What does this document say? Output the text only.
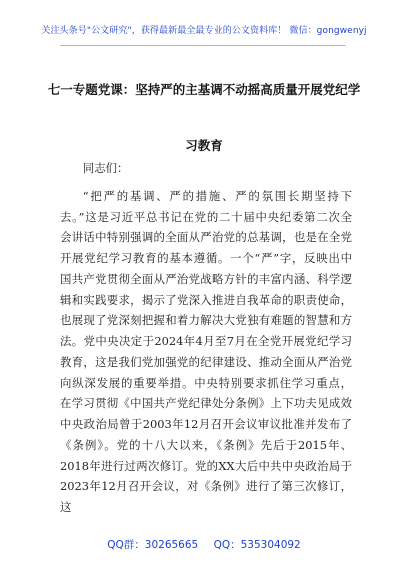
关注头条号"公文研究"，获得最新最全最专业的公文资料库！ 微信：gongwenyj
七一专题党课：坚持严的主基调不动摇高质量开展党纪学
习教育

同志们：

“把严的基调、严的措施、严的氛围长期坚持下

去。”这是习近平总书记在党的二十届中央纪委第二次全

会讲话中特别强调的全面从严治党的总基调，也是在全党

开展党纪学习教育的基本遵循。一个“严”字，反映出中

国共产党贯彻全面从严治党战略方针的丰富内涵、科学逻

辑和实践要求，揭示了党深入推进自我革命的职责使命，

也展现了党深刻把握和着力解决大党独有难题的智慧和方

法。党中央决定于2024年4月至7月在全党开展党纪学习

教育，这是我们党加强党的纪律建设、推动全面从严治党

向纵深发展的重要举措。中央特别要求抓住学习重点，

在学习贯彻《中国共产党纪律处分条例》上下功夫见成效

中央政治局曾于2003年12月召开会议审议批准并发布了

《条例》。党的十八大以来，《条例》先后于2015年、

2018年进行过两次修订。党的XX大后中共中央政治局于

2023年12月召开会议，对《条例》进行了第三次修订，这

QQ群：30265665 QQ：535304092
